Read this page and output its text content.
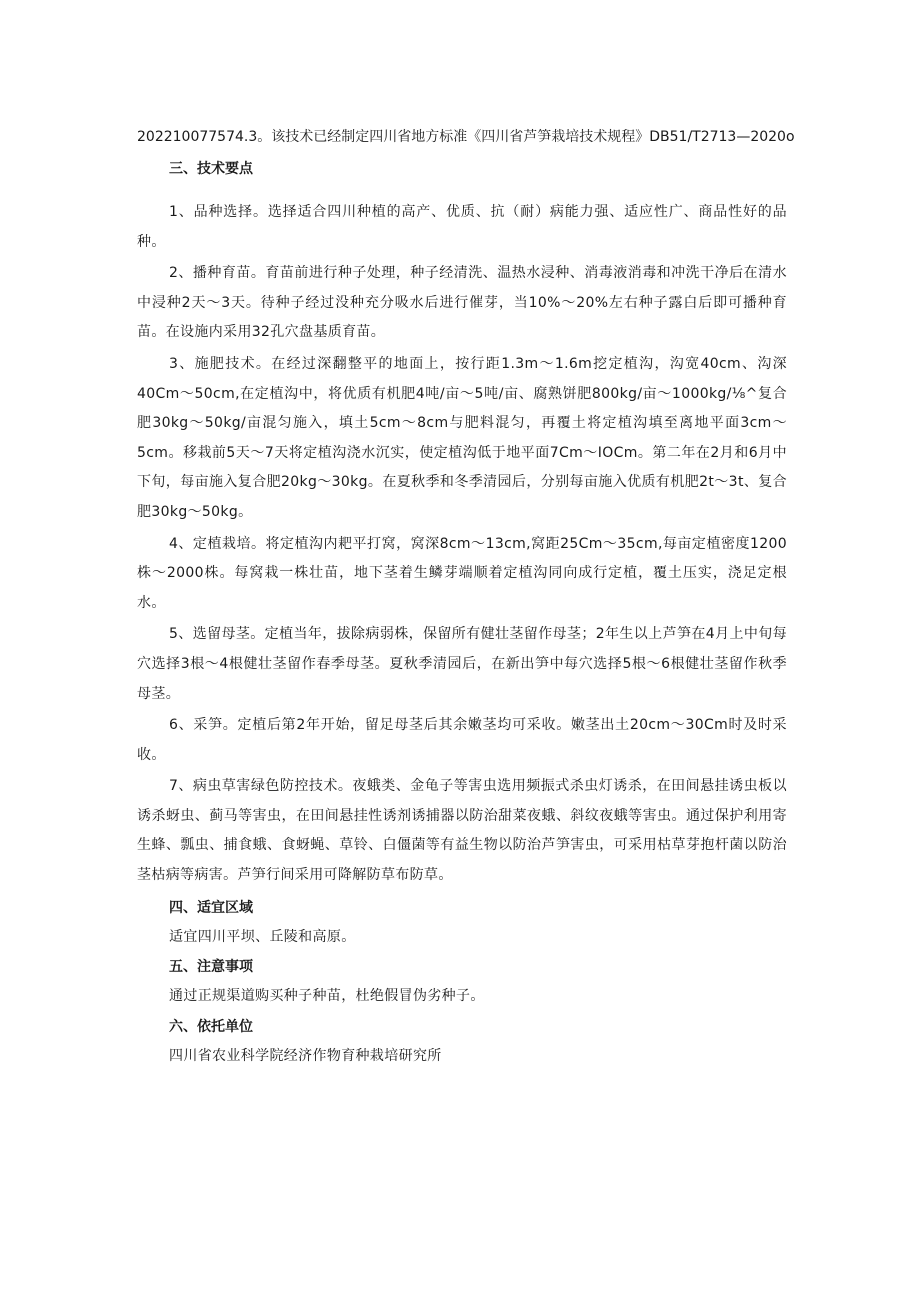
202210077574.3。该技术已经制定四川省地方标准《四川省芦笋栽培技术规程》DB51/T2713—2020o

三、技术要点

1、品种选择。选择适合四川种植的高产、优质、抗（耐）病能力强、适应性广、商品性好的品种。

2、播种育苗。育苗前进行种子处理，种子经清洗、温热水浸种、消毒液消毒和冲洗干净后在清水中浸种2天～3天。待种子经过没种充分吸水后进行催芽，当10%～20%左右种子露白后即可播种育苗。在设施内采用32孔穴盘基质育苗。

3、施肥技术。在经过深翻整平的地面上，按行距1.3m～1.6m挖定植沟，沟宽40cm、沟深40Cm～50cm,在定植沟中，将优质有机肥4吨/亩～5吨/亩、腐熟饼肥800kg/亩～1000kg/⅛^复合肥30kg～50kg/亩混匀施入，填土5cm～8cm与肥料混匀，再覆土将定植沟填至离地平面3cm～5cm。移栽前5天～7天将定植沟浇水沉实，使定植沟低于地平面7Cm～IOCm。第二年在2月和6月中下旬，每亩施入复合肥20kg～30kg。在夏秋季和冬季清园后，分别每亩施入优质有机肥2t～3t、复合肥30kg～50kg。

4、定植栽培。将定植沟内耙平打窝，窝深8cm～13cm,窝距25Cm～35cm,每亩定植密度1200株～2000株。每窝栽一株壮苗，地下茎着生鳞芽端顺着定植沟同向成行定植，覆土压实，浇足定根水。

5、选留母茎。定植当年，拔除病弱株，保留所有健壮茎留作母茎；2年生以上芦笋在4月上中旬每穴选择3根～4根健壮茎留作春季母茎。夏秋季清园后，在新出笋中每穴选择5根～6根健壮茎留作秋季母茎。

6、采笋。定植后第2年开始，留足母茎后其余嫩茎均可采收。嫩茎出土20cm～30Cm时及时采收。

7、病虫草害绿色防控技术。夜蛾类、金龟子等害虫选用频振式杀虫灯诱杀，在田间悬挂诱虫板以诱杀蚜虫、蓟马等害虫，在田间悬挂性诱剂诱捕器以防治甜菜夜蛾、斜纹夜蛾等害虫。通过保护利用寄生蜂、瓢虫、捕食蛾、食蚜蝇、草铃、白僵菌等有益生物以防治芦笋害虫，可采用枯草芽抱杆菌以防治茎枯病等病害。芦笋行间采用可降解防草布防草。

四、适宜区域

适宜四川平坝、丘陵和高原。

五、注意事项

通过正规渠道购买种子种苗，杜绝假冒伪劣种子。

六、依托单位

四川省农业科学院经济作物育种栽培研究所
